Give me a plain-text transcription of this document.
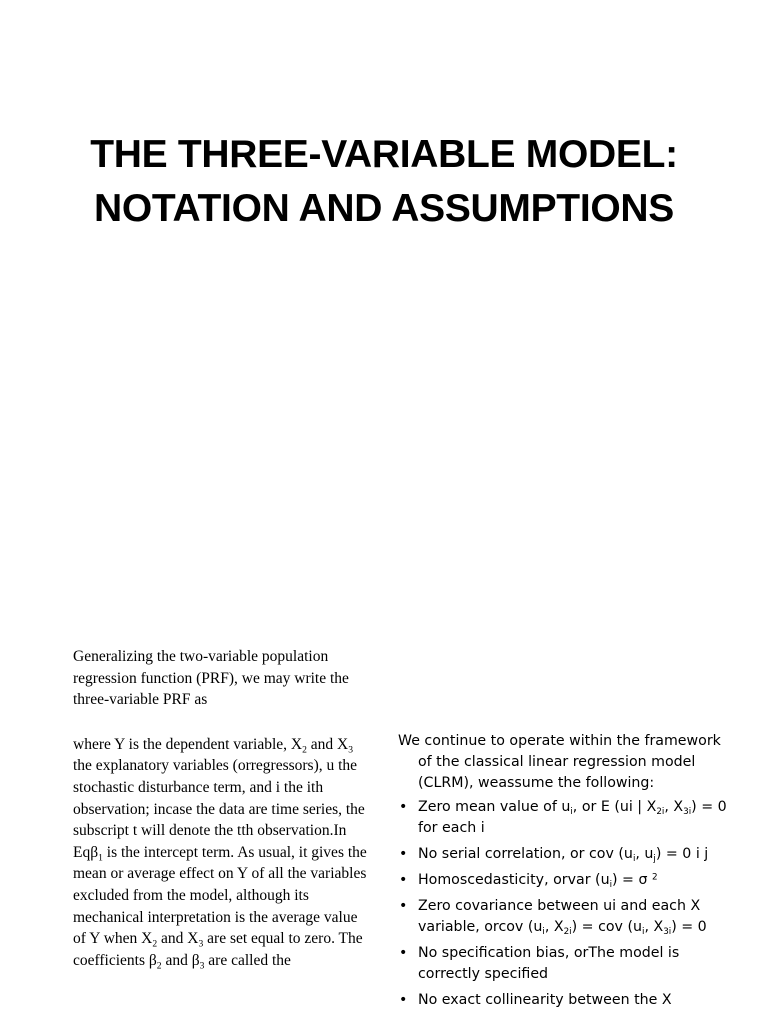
THE THREE-VARIABLE MODEL:
NOTATION AND ASSUMPTIONS

Generalizing the two-variable population regression function (PRF), we may write the three-variable PRF as

where Y is the dependent variable, $X_2$ and $X_3$ the explanatory variables (orregressors), u the stochastic disturbance term, and i the ith observation; incase the data are time series, the subscript t will denote the tth observation.In Eqβ$_1$ is the intercept term. As usual, it gives the mean or average effect on Y of all the variables excluded from the model, although its mechanical interpretation is the average value of Y when $X_2$ and $X_3$ are set equal to zero. The coefficients $\beta_2$ and $\beta_3$ are called the

We continue to operate within the framework of the classical linear regression model (CLRM), weassume the following:

• Zero mean value of $u_i$, or E (ui | $X_{2i}$, $X_{3i}) = 0$ for each i
• No serial correlation, or cov ($u_i$, $u_j) = 0$ i j
• Homoscedasticity, orvar $(u_i) = \sigma$ $^2$
• Zero covariance between ui and each X variable, orcov ($u_i$, $X_{2i}$) = cov ($u_i$, $X_{3i}) = 0$
• No specification bias, orThe model is correctly specified
• No exact collinearity between the X
